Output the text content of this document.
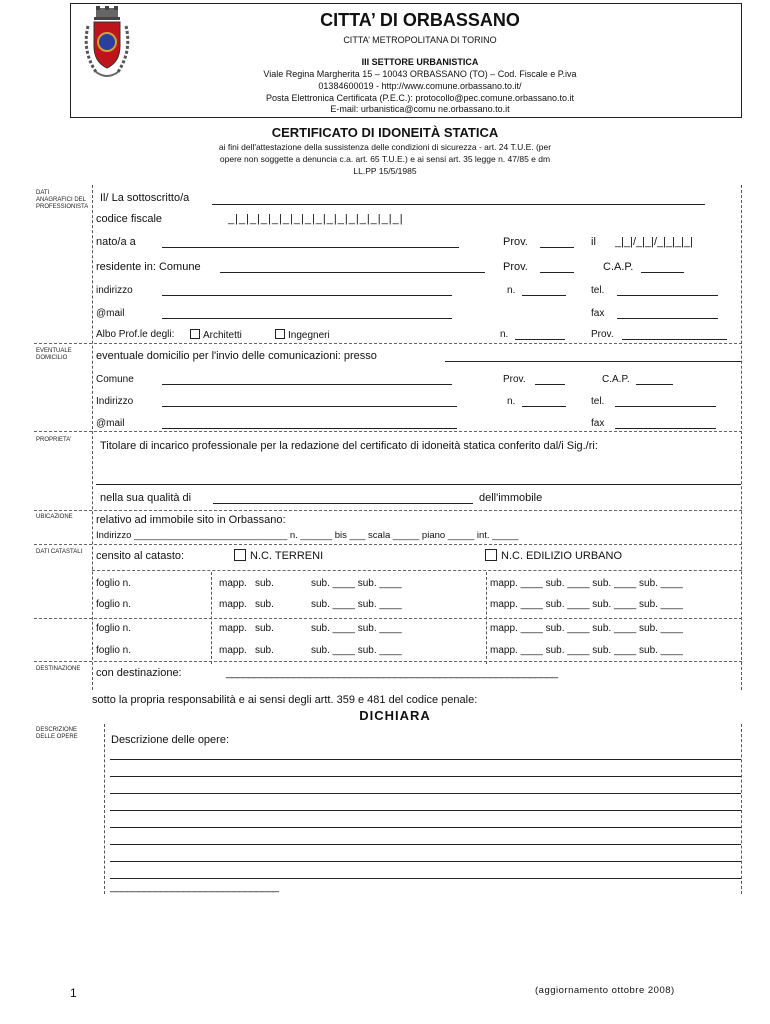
CITTA’ DI ORBASSANO
CITTA’ METROPOLITANA DI TORINO
III SETTORE URBANISTICA
Viale Regina Margherita 15 – 10043 ORBASSANO (TO) – Cod. Fiscale e P.iva
01384600019 - http://www.comune.orbassano.to.it/
Posta Elettronica Certificata (P.E.C.): protocollo@pec.comune.orbassano.to.it
E-mail: urbanistica@comu ne.orbassano.to.it
CERTIFICATO DI IDONEITÀ STATICA
ai fini dell'attestazione della sussistenza delle condizioni di sicurezza - art. 24 T.U.E. (per
opere non soggette a denuncia c.a. art. 65 T.U.E.) e ai sensi art. 35 legge n. 47/85 e dm
LL.PP 15/5/1985
DATI ANAGRAFICI DEL PROFESSIONISTA
EVENTUALE DOMICILIO
PROPRIETA'
UBICAZIONE
DATI CATASTALI
DESTINAZIONE
DESCRIZIONE DELLE OPERE
Il/ La sottoscritto/a
codice fiscale	_|_|_|_|_|_|_|_|_|_|_|_|_|_|_|_|
nato/a a	Prov.	il _|_|/_|_|/_|_|_|_|
residente in: Comune	Prov.	C.A.P.
indirizzo	n.	tel.
@mail	fax
Albo Prof.le degli:	Architetti	Ingegneri	n.	Prov.
eventuale domicilio per l'invio delle comunicazioni: presso
Comune	Prov.	C.A.P.
Indirizzo	n.	tel.
@mail	fax
Titolare di incarico professionale per la redazione del certificato di idoneità statica conferito dal/i Sig./ri:
nella sua qualità di	dell'immobile
relativo ad immobile sito in Orbassano:
Indirizzo _____________________________ n. ______ bis ___ scala _____ piano _____ int. _____
censito al catasto:	N.C. TERRENI	N.C. EDILIZIO URBANO
foglio n.	mapp. sub.	sub. ____ sub. ____	mapp. ____ sub. ____ sub. ____ sub. ____
foglio n.	mapp. sub.	sub. ____ sub. ____	mapp. ____ sub. ____ sub. ____ sub. ____
foglio n.	mapp. sub.	sub. ____ sub. ____	mapp. ____ sub. ____ sub. ____ sub. ____
foglio n.	mapp. sub.	sub. ____ sub. ____	mapp. ____ sub. ____ sub. ____ sub. ____
con destinazione:	___________________________________________________________
sotto la propria responsabilità e ai sensi degli artt. 359 e 481 del codice penale:
DICHIARA
Descrizione delle opere:
______________________________
1	(aggiornamento ottobre 2008)
